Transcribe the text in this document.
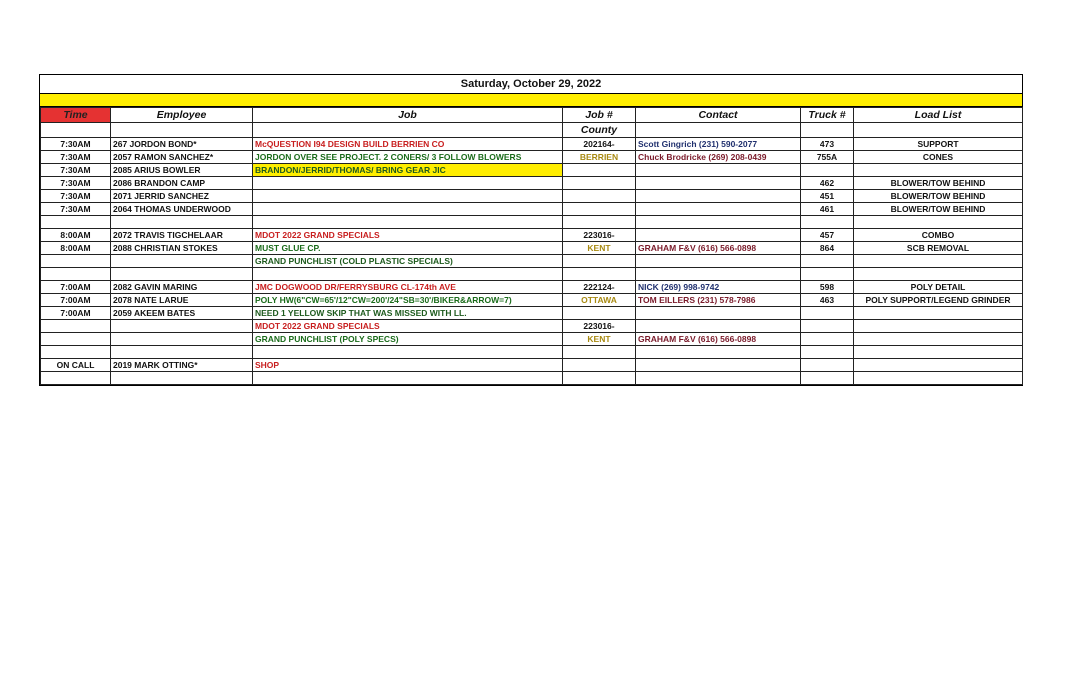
Saturday, October 29, 2022
Time	Employee	Job	Job #	Contact	Truck #	Load List
			County			
7:30AM	267 JORDON BOND*	McQUESTION I94 DESIGN BUILD BERRIEN CO	202164-	Scott Gingrich (231) 590-2077	473	SUPPORT
7:30AM	2057 RAMON SANCHEZ*	JORDON OVER SEE PROJECT. 2 CONERS/ 3 FOLLOW BLOWERS	BERRIEN	Chuck Brodricke (269) 208-0439	755A	CONES
7:30AM	2085 ARIUS BOWLER	BRANDON/JERRID/THOMAS/ BRING GEAR JIC				
7:30AM	2086 BRANDON CAMP				462	BLOWER/TOW BEHIND
7:30AM	2071 JERRID SANCHEZ				451	BLOWER/TOW BEHIND
7:30AM	2064 THOMAS UNDERWOOD				461	BLOWER/TOW BEHIND

8:00AM	2072 TRAVIS TIGCHELAAR	MDOT 2022 GRAND SPECIALS	223016-		457	COMBO
8:00AM	2088 CHRISTIAN STOKES	MUST GLUE CP.	KENT	GRAHAM F&V (616) 566-0898	864	SCB REMOVAL
		GRAND PUNCHLIST (COLD PLASTIC SPECIALS)				

7:00AM	2082 GAVIN MARING	JMC DOGWOOD DR/FERRYSBURG CL-174th AVE	222124-	NICK (269) 998-9742	598	POLY DETAIL
7:00AM	2078 NATE LARUE	POLY HW(6"CW=65'/12"CW=200'/24"SB=30'/BIKER&ARROW=7)	OTTAWA	TOM EILLERS (231) 578-7986	463	POLY SUPPORT/LEGEND GRINDER
7:00AM	2059 AKEEM BATES	NEED 1 YELLOW SKIP THAT WAS MISSED WITH LL.				
		MDOT 2022 GRAND SPECIALS	223016-			
		GRAND PUNCHLIST (POLY SPECS)	KENT	GRAHAM F&V (616) 566-0898		

ON CALL	2019 MARK OTTING*	SHOP				
